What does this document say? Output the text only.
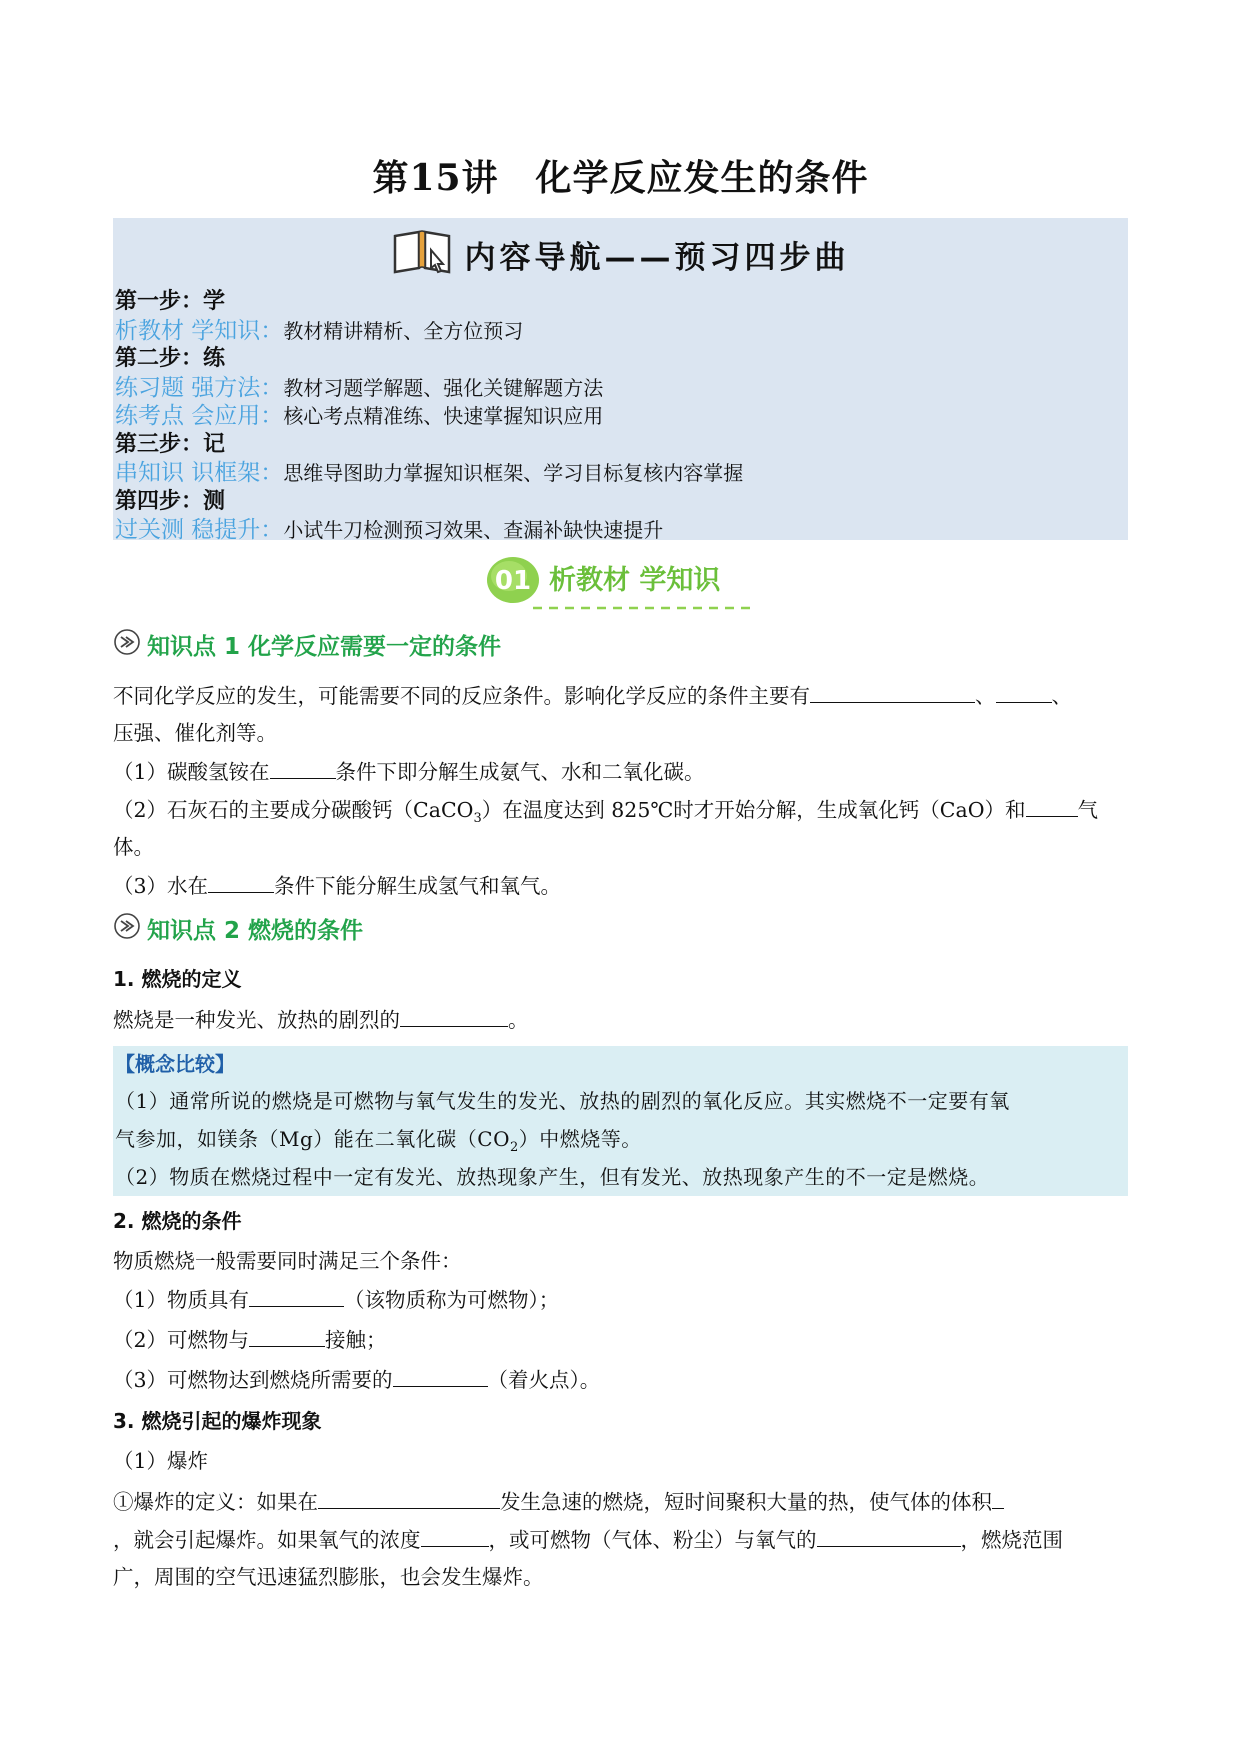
第15讲　化学反应发生的条件
内容导航——预习四步曲
第一步：学
析教材 学知识：教材精讲精析、全方位预习
第二步：练
练习题 强方法：教材习题学解题、强化关键解题方法
练考点 会应用：核心考点精准练、快速掌握知识应用
第三步：记
串知识 识框架：思维导图助力掌握知识框架、学习目标复核内容掌握
第四步：测
过关测 稳提升：小试牛刀检测预习效果、查漏补缺快速提升
01 析教材 学知识
知识点 1 化学反应需要一定的条件
不同化学反应的发生，可能需要不同的反应条件。影响化学反应的条件主要有	、	、
压强、催化剂等。
（1）碳酸氢铵在	条件下即分解生成氨气、水和二氧化碳。
（2）石灰石的主要成分碳酸钙（CaCO$_3$）在温度达到 825℃时才开始分解，生成氧化钙（CaO）和	气
体。
（3）水在	条件下能分解生成氢气和氧气。
知识点 2 燃烧的条件
1. 燃烧的定义
燃烧是一种发光、放热的剧烈的	。
【概念比较】
（1）通常所说的燃烧是可燃物与氧气发生的发光、放热的剧烈的氧化反应。其实燃烧不一定要有氧
气参加，如镁条（Mg）能在二氧化碳$(CO_2)$中燃烧等。
（2）物质在燃烧过程中一定有发光、放热现象产生，但有发光、放热现象产生的不一定是燃烧。
2. 燃烧的条件
物质燃烧一般需要同时满足三个条件：
（1）物质具有	（该物质称为可燃物）；
（2）可燃物与	接触；
（3）可燃物达到燃烧所需要的	（着火点）。
3. 燃烧引起的爆炸现象
（1）爆炸
①爆炸的定义：如果在	发生急速的燃烧，短时间聚积大量的热，使气体的体积
，就会引起爆炸。如果氧气的浓度	，或可燃物（气体、粉尘）与氧气的	，燃烧范围
广，周围的空气迅速猛烈膨胀，也会发生爆炸。
